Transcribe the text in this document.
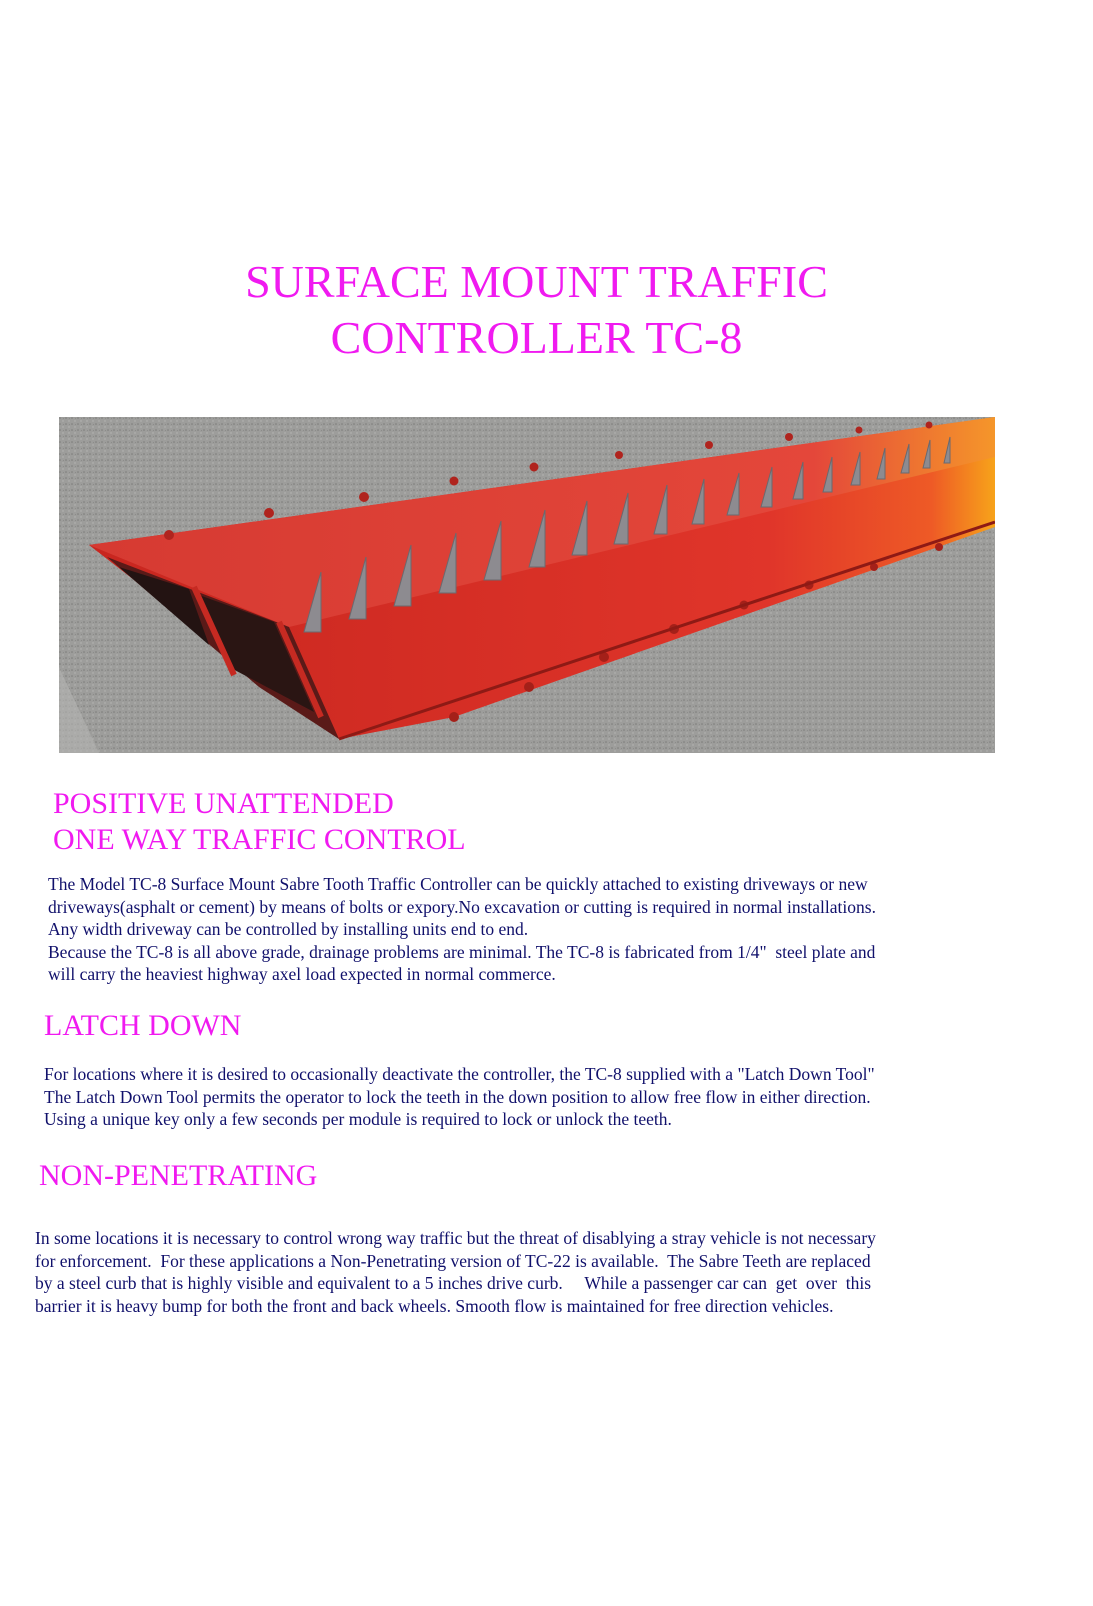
SURFACE MOUNT TRAFFIC
CONTROLLER TC-8
POSITIVE UNATTENDED
ONE WAY TRAFFIC CONTROL

The Model TC-8 Surface Mount Sabre Tooth Traffic Controller can be quickly attached to existing driveways or new
driveways(asphalt or cement) by means of bolts or expory.No excavation or cutting is required in normal installations.
Any width driveway can be controlled by installing units end to end.
Because the TC-8 is all above grade, drainage problems are minimal. The TC-8 is fabricated from 1/4"  steel plate and
will carry the heaviest highway axel load expected in normal commerce.

LATCH DOWN

For locations where it is desired to occasionally deactivate the controller, the TC-8 supplied with a "Latch Down Tool"
The Latch Down Tool permits the operator to lock the teeth in the down position to allow free flow in either direction.
Using a unique key only a few seconds per module is required to lock or unlock the teeth.

NON-PENETRATING

In some locations it is necessary to control wrong way traffic but the threat of disablying a stray vehicle is not necessary
for enforcement.  For these applications a Non-Penetrating version of TC-22 is available.  The Sabre Teeth are replaced
by a steel curb that is highly visible and equivalent to a 5 inches drive curb.     While a passenger car can  get  over  this
barrier it is heavy bump for both the front and back wheels. Smooth flow is maintained for free direction vehicles.
